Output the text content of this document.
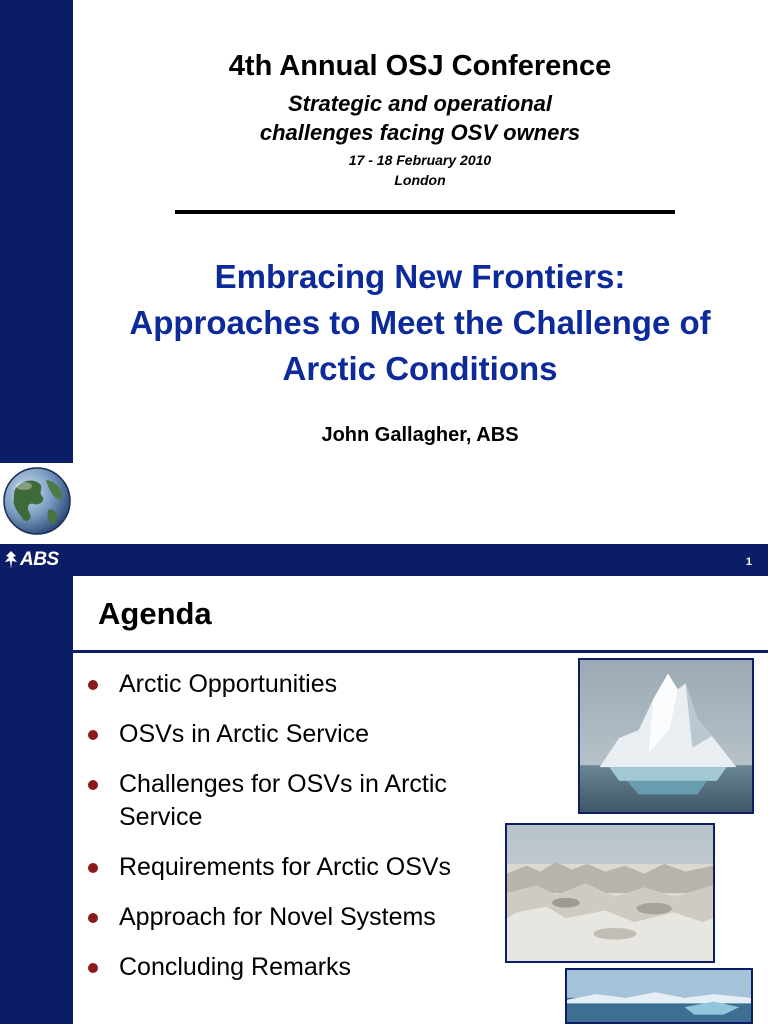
4th Annual OSJ Conference
Strategic and operational
challenges facing OSV owners
17 - 18 February 2010
London
Embracing New Frontiers:
Approaches to Meet the Challenge of
Arctic Conditions
John Gallagher, ABS
ABS	1
Agenda
Arctic Opportunities
OSVs in Arctic Service
Challenges for OSVs in Arctic Service
Requirements for Arctic OSVs
Approach for Novel Systems
Concluding Remarks
